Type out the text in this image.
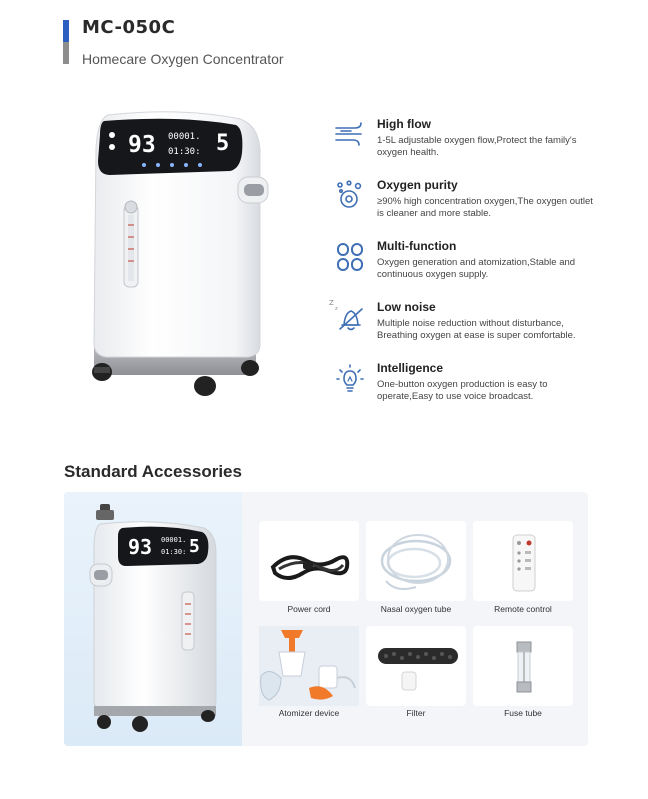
MC-050C
Homecare Oxygen Concentrator
93 00001.
01:30: 5
High flow
1-5L adjustable oxygen flow,Protect the family's oxygen health.
Oxygen purity
≥90% high concentration oxygen,The oxygen outlet is cleaner and more stable.
Multi-function
Oxygen generation and atomization,Stable and continuous oxygen supply.
Z
z	Low noise
Multiple noise reduction without disturbance, Breathing oxygen at ease is super comfortable.
Intelligence
One-button oxygen production is easy to operate,Easy to use voice broadcast.
Standard Accessories
93 00001.
01:30: 5
Power cord	Nasal oxygen tube	Remote control
Atomizer device	Filter	Fuse tube
